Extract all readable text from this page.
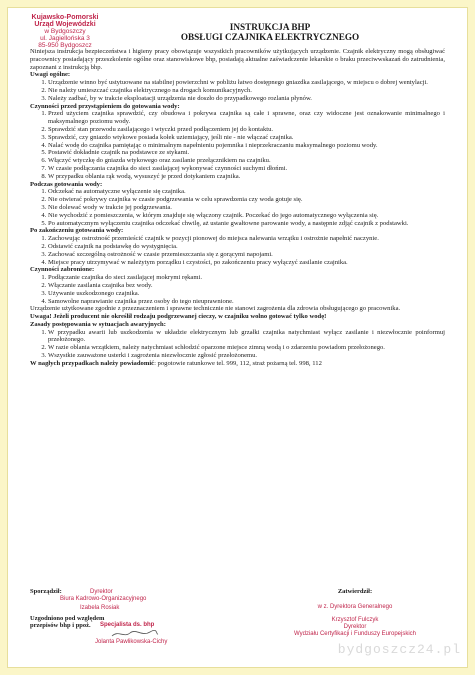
Kujawsko-Pomorski
Urząd Wojewódzki
w Bydgoszczy
ul. Jagiellońska 3
85-950 Bydgoszcz
INSTRUKCJA BHP
OBSŁUGI CZAJNIKA ELEKTRYCZNEGO

Niniejsza instrukcja bezpieczeństwa i higieny pracy obowiązuje wszystkich pracowników użytkujących urządzenie. Czajnik elektryczny mogą obsługiwać pracownicy posiadający przeszkolenie ogólne oraz stanowiskowe bhp, posiadają aktualne zaświadczenie lekarskie o braku przeciwwskazań do zatrudnienia, zapoznani z instrukcją bhp.

Uwagi ogólne:
1. Urządzenie winno być ustytuowane na stabilnej powierzchni w pobliżu łatwo dostępnego gniazdka zasilającego, w miejscu o dobrej wentylacji.
2. Nie należy umieszczać czajnika elektrycznego na drogach komunikacyjnych.
3. Należy zadbać, by w trakcie eksploatacji urządzenia nie doszło do przypadkowego rozlania płynów.
Czynności przed przystąpieniem do gotowania wody:
1. Przed użyciem czajnika sprawdzić, czy obudowa i pokrywa czajnika są całe i sprawne, oraz czy widoczne jest oznakowanie minimalnego i maksymalnego poziomu wody.
2. Sprawdzić stan przewodu zasilającego i wtyczki przed podłączeniem jej do kontaktu.
3. Sprawdzić, czy gniazdo wtykowe posiada kołek uziemiający, jeśli nie - nie włączać czajnika.
4. Nalać wodę do czajnika pamiętając o minimalnym napełnieniu pojemnika i nieprzekraczaniu maksymalnego poziomu wody.
5. Postawić dokładnie czajnik na podstawce ze stykami.
6. Włączyć wtyczkę do gniazda wtykowego oraz zasilanie przełącznikiem na czajniku.
7. W czasie podłączania czajnika do sieci zasilającej wykonywać czynności suchymi dłońmi.
8. W przypadku oblania rąk wodą, wysuszyć je przed dotykaniem czajnika.
Podczas gotowania wody:
1. Odczekać na automatyczne wyłączenie się czajnika.
2. Nie otwierać pokrywy czajnika w czasie podgrzewania w celu sprawdzenia czy woda gotuje się.
3. Nie dolewać wody w trakcie jej podgrzewania.
4. Nie wychodzić z pomieszczenia, w którym znajduje się włączony czajnik. Poczekać do jego automatycznego wyłączenia się.
5. Po automatycznym wyłączeniu czajnika odczekać chwilę, aż ustanie gwałtowne parowanie wody, a następnie zdjąć czajnik z podstawki.
Po zakończeniu gotowania wody:
1. Zachowując ostrożność przemieścić czajnik w pozycji pionowej do miejsca nalewania wrzątku i ostrożnie napełnić naczynie.
2. Odstawić czajnik na podstawkę do wystygnięcia.
3. Zachować szczególną ostrożność w czasie przemieszczania się z gorącymi napojami.
4. Miejsce pracy utrzymywać w należytym porządku i czystości, po zakończeniu pracy wyłączyć zasilanie czajnika.
Czynności zabronione:
1. Podłączanie czajnika do sieci zasilającej mokrymi rękami.
2. Włączanie zasilania czajnika bez wody.
3. Używanie uszkodzonego czajnika.
4. Samowolne naprawianie czajnika przez osoby do tego nieuprawnione.

Urządzenie użytkowane zgodnie z przeznaczeniem i sprawne technicznie nie stanowi zagrożenia dla zdrowia obsługującego go pracownika.

Uwaga! Jeżeli producent nie określił rodzaju podgrzewanej cieczy, w czajniku wolno gotować tylko wodę!

Zasady postępowania w sytuacjach awaryjnych:
1. W przypadku awarii lub uszkodzenia w układzie elektrycznym lub grzałki czajnika natychmiast wyłącz zasilanie i niezwłocznie poinformuj przełożonego.
2. W razie oblania wrzątkiem, należy natychmiast schłodzić oparzone miejsce zimną wodą i o zdarzeniu powiadom przełożonego.
3. Wszystkie zauważone usterki i zagrożenia niezwłocznie zgłosić przełożonemu.

W nagłych przypadkach należy powiadomić: pogotowie ratunkowe tel. 999, 112, straż pożarną tel. 998, 112

Sporządził:	Dyrektor
Biura Kadrowo-Organizacyjnego
Izabela Rosiak
Uzgodniono pod względem
przepisów bhp i ppoż.	Specjalista ds. bhp
Jolanta Pawlikowska-Cichy
Zatwierdził:
w z. Dyrektora Generalnego
Krzysztof Fulczyk
Dyrektor
Wydziału Certyfikacji i Funduszy Europejskich
bydgoszcz24.pl
